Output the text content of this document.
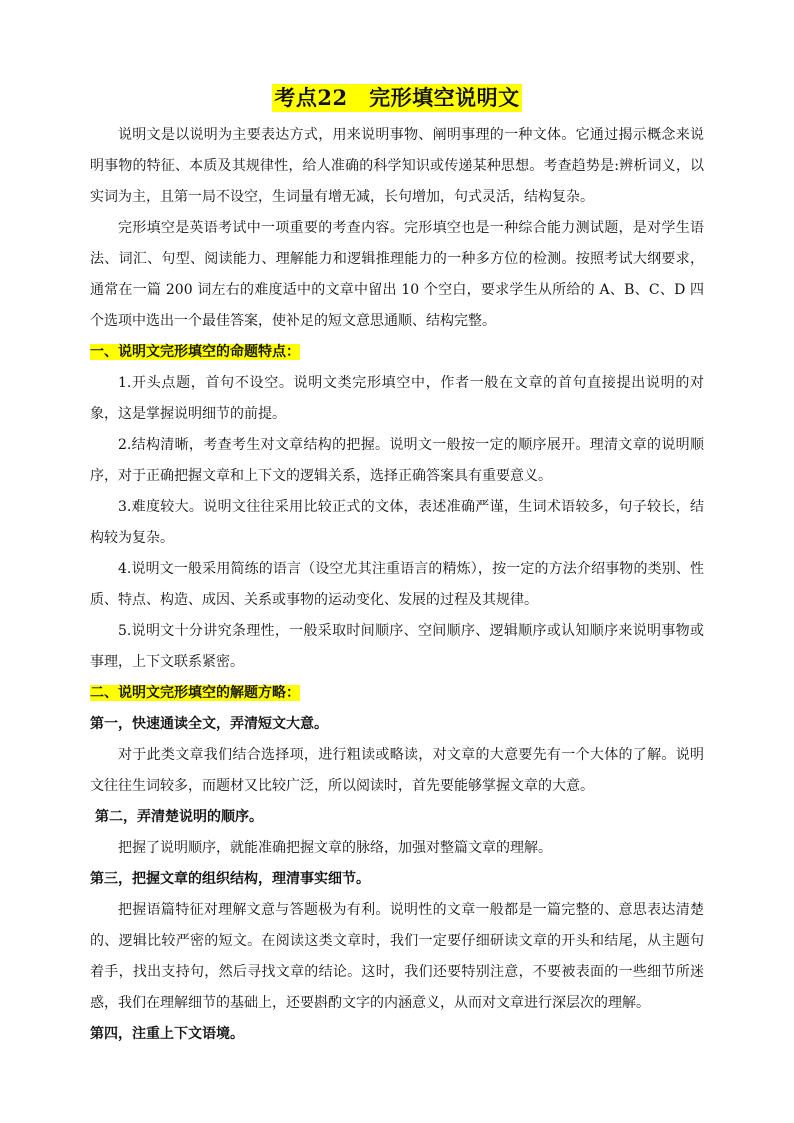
考点22　完形填空说明文

说明文是以说明为主要表达方式，用来说明事物、阐明事理的一种文体。它通过揭示概念来说明事物的特征、本质及其规律性，给人准确的科学知识或传递某种思想。考查趋势是:辨析词义，以实词为主，且第一局不设空，生词量有增无减，长句增加，句式灵活，结构复杂。

完形填空是英语考试中一项重要的考查内容。完形填空也是一种综合能力测试题，是对学生语法、词汇、句型、阅读能力、理解能力和逻辑推理能力的一种多方位的检测。按照考试大纲要求，通常在一篇 200 词左右的难度适中的文章中留出 10 个空白，要求学生从所给的 A、B、C、D 四个选项中选出一个最佳答案，使补足的短文意思通顺、结构完整。

一、说明文完形填空的命题特点：

1.开头点题，首句不设空。说明文类完形填空中，作者一般在文章的首句直接提出说明的对象，这是掌握说明细节的前提。

2.结构清晰，考查考生对文章结构的把握。说明文一般按一定的顺序展开。理清文章的说明顺序，对于正确把握文章和上下文的逻辑关系，选择正确答案具有重要意义。

3.难度较大。说明文往往采用比较正式的文体，表述准确严谨，生词术语较多，句子较长，结构较为复杂。

4.说明文一般采用简练的语言（设空尤其注重语言的精炼），按一定的方法介绍事物的类别、性质、特点、构造、成因、关系或事物的运动变化、发展的过程及其规律。

5.说明文十分讲究条理性，一般采取时间顺序、空间顺序、逻辑顺序或认知顺序来说明事物或事理，上下文联系紧密。

二、说明文完形填空的解题方略：

第一，快速通读全文，弄清短文大意。

对于此类文章我们结合选择项，进行粗读或略读，对文章的大意要先有一个大体的了解。说明文往往生词较多，而题材又比较广泛，所以阅读时，首先要能够掌握文章的大意。

第二，弄清楚说明的顺序。

把握了说明顺序，就能准确把握文章的脉络，加强对整篇文章的理解。

第三，把握文章的组织结构，理清事实细节。

把握语篇特征对理解文意与答题极为有利。说明性的文章一般都是一篇完整的、意思表达清楚的、逻辑比较严密的短文。在阅读这类文章时，我们一定要仔细研读文章的开头和结尾，从主题句着手，找出支持句，然后寻找文章的结论。这时，我们还要特别注意，不要被表面的一些细节所迷惑，我们在理解细节的基础上，还要斟酌文字的内涵意义，从而对文章进行深层次的理解。

第四，注重上下文语境。
